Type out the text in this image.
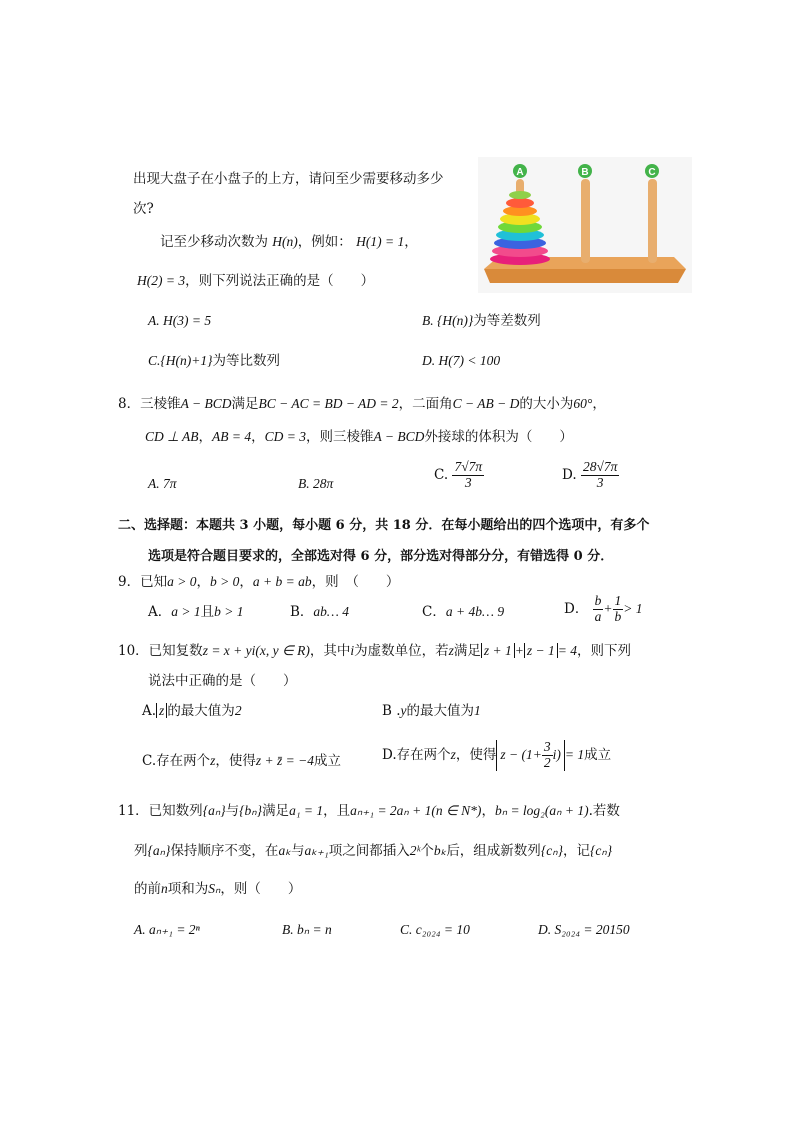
出现大盘子在小盘子的上方，请问至少需要移动多少
次?
记至少移动次数为 H(n)，例如： H(1) = 1，
H(2) = 3，则下列说法正确的是（　　）
A	B	C
A. H(3) = 5	B. {H(n)}为等差数列
C.{H(n)+1}为等比数列	D. H(7) < 100
8．三棱锥A − BCD满足BC − AC = BD − AD = 2，二面角C − AB − D的大小为60°，
CD ⊥ AB，AB = 4，CD = 3，则三棱锥A − BCD外接球的体积为（　　）
A. 7π	B. 28π
C. $\frac{7√7\pi}{3}$	D. $\frac{28√7\pi}{3}$
二、选择题：本题共 3 小题，每小题 6 分，共 18 分．在每小题给出的四个选项中，有多个
选项是符合题目要求的，全部选对得 6 分，部分选对得部分分，有错选得 0 分．
9．已知a > 0，b > 0，a + b = ab，则　（　　）
A．a > 1且b > 1	B．ab… 4	C．a + 4b… 9	D． $\frac{b}{a} + \frac{1}{b} > 1$
10．已知复数z = x + yi(x, y ∈ R)，其中i为虚数单位，若z满足 z + 1 + z − 1 = 4，则下列
说法中正确的是（　　）
A. z 的最大值为2	B .y的最大值为1
C.存在两个z，使得z + z̄ = −4成立	D.存在两个z，使得 $z - (1+ \frac{3}{2} i) = 1$成立
11．已知数列{aₙ}与{bₙ}满足a₁ = 1，且aₙ₊₁ = 2aₙ + 1(n ∈ N*)，bₙ = log₂(aₙ + 1).若数
列{aₙ}保持顺序不变，在aₖ与aₖ₊₁项之间都插入2ᵏ个bₖ后，组成新数列{cₙ}，记{cₙ}
的前n项和为Sₙ，则（　　）
A. aₙ₊₁ = 2ⁿ	B. bₙ = n	C. c₂₀₂₄ = 10	D. S₂₀₂₄ = 20150
